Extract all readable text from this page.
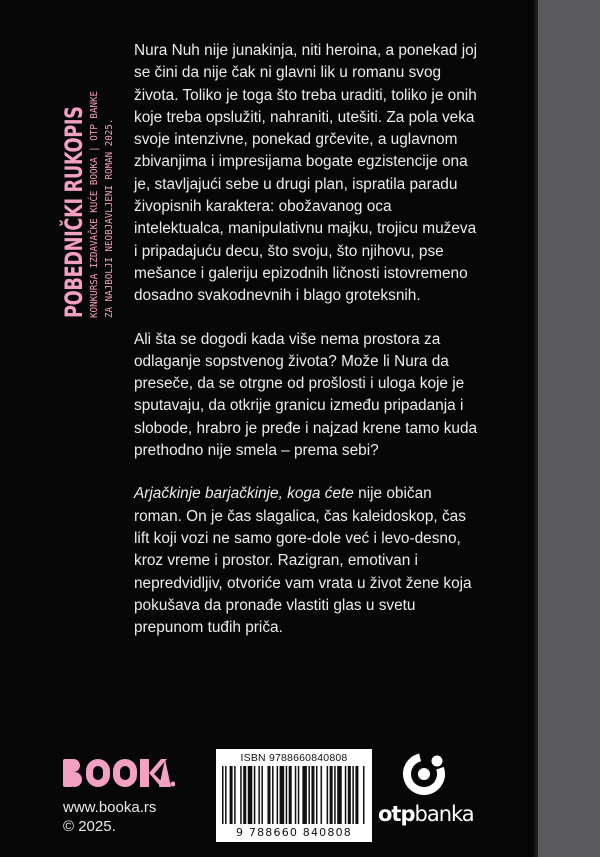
POBEDNIČKI RUKOPIS KONKURSA IZDAVAČKE KUĆE BOOKA | OTP BANKE ZA NAJBOLJI NEOBJAVLJENI ROMAN 2025.

Nura Nuh nije junakinja, niti heroina, a ponekad joj se čini da nije čak ni glavni lik u romanu svog života. Toliko je toga što treba uraditi, toliko je onih koje treba opslužiti, nahraniti, utešiti. Za pola veka svoje intenzivne, ponekad grčevite, a uglavnom zbivanjima i impresijama bogate egzistencije ona je, stavljajući sebe u drugi plan, ispratila paradu živopisnih karaktera: obožavanog oca intelektualca, manipulativnu majku, trojicu muževa i pripadajuću decu, što svoju, što njihovu, pse mešance i galeriju epizodnih ličnosti istovremeno dosadno svakodnevnih i blago groteksnih.

Ali šta se dogodi kada više nema prostora za odlaganje sopstvenog života? Može li Nura da preseče, da se otrgne od prošlosti i uloga koje je sputavaju, da otkrije granicu između pripadanja i slobode, hrabro je pređe i najzad krene tamo kuda prethodno nije smela – prema sebi?

Arjačkinje barjačkinje, koga ćete nije običan roman. On je čas slagalica, čas kaleidoskop, čas lift koji vozi ne samo gore-dole već i levo-desno, kroz vreme i prostor. Razigran, emotivan i nepredvidljiv, otvoriće vam vrata u život žene koja pokušava da pronađe vlastiti glas u svetu prepunom tuđih priča.

www.booka.rs
© 2025.
ISBN 9788660840808
9 788660 840808
otpbanka
